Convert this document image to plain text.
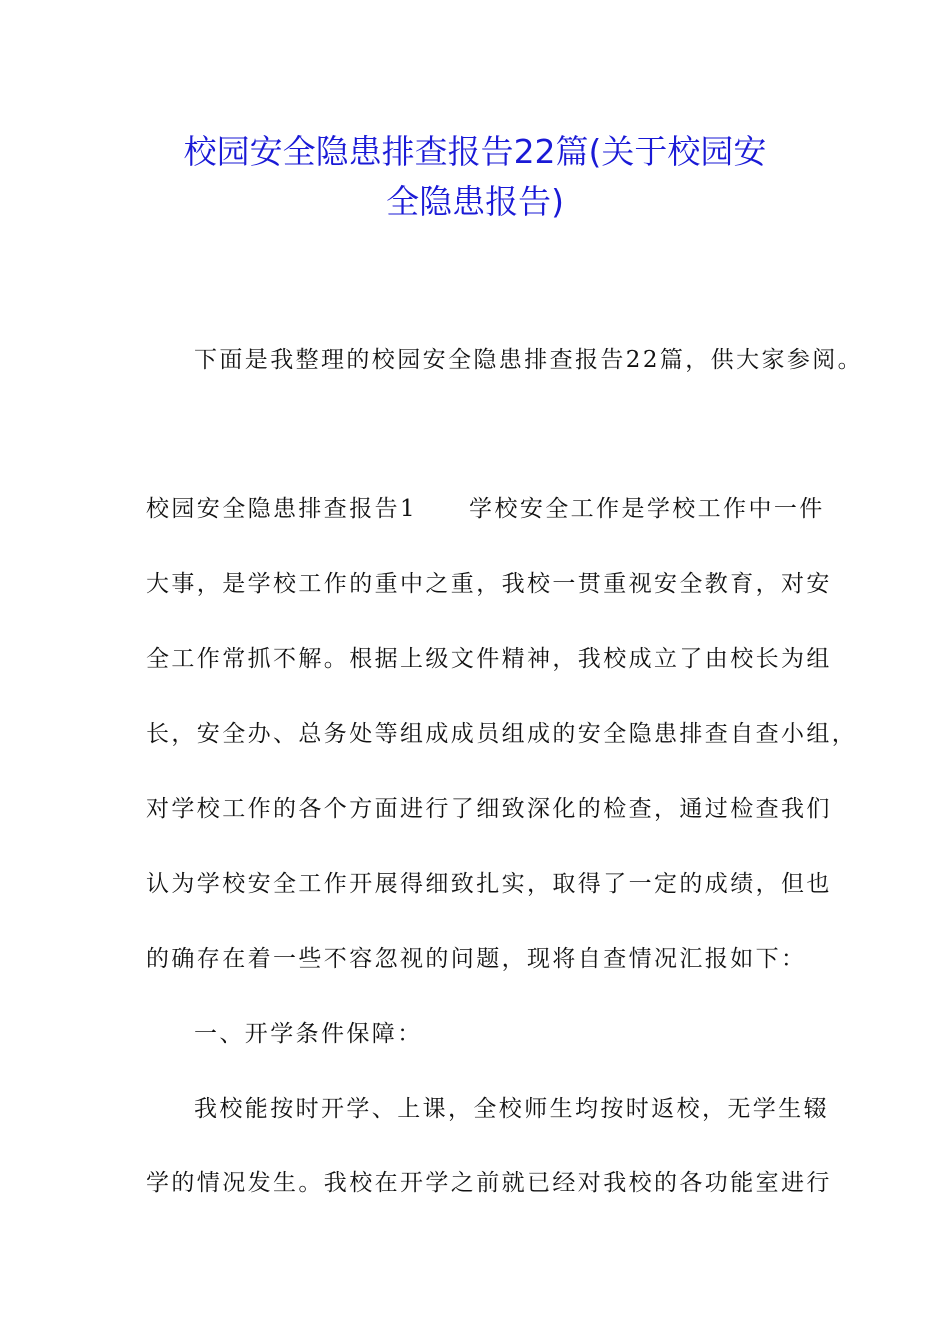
校园安全隐患排查报告22篇(关于校园安
全隐患报告)
下面是我整理的校园安全隐患排查报告22篇，供大家参阅。
校园安全隐患排查报告1 学校安全工作是学校工作中一件
大事，是学校工作的重中之重，我校一贯重视安全教育，对安
全工作常抓不解。根据上级文件精神，我校成立了由校长为组
长，安全办、总务处等组成成员组成的安全隐患排查自查小组，
对学校工作的各个方面进行了细致深化的检查，通过检查我们
认为学校安全工作开展得细致扎实，取得了一定的成绩，但也
的确存在着一些不容忽视的问题，现将自查情况汇报如下：
一、开学条件保障：
我校能按时开学、上课，全校师生均按时返校，无学生辍
学的情况发生。我校在开学之前就已经对我校的各功能室进行
